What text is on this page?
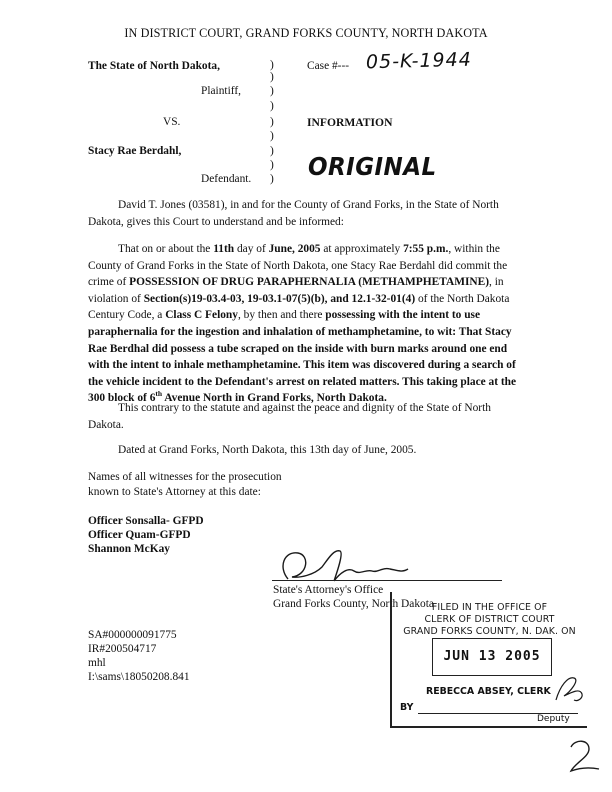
IN DISTRICT COURT, GRAND FORKS COUNTY, NORTH DAKOTA
The State of North Dakota,
Plaintiff,
VS.
Stacy Rae Berdahl,
Defendant.
)
)
)
)
)
)
)
)
)
Case #--- 05-K-1944
INFORMATION
ORIGINAL
David T. Jones (03581), in and for the County of Grand Forks, in the State of North Dakota, gives this Court to understand and be informed:
That on or about the 11th day of June, 2005 at approximately 7:55 p.m., within the County of Grand Forks in the State of North Dakota, one Stacy Rae Berdahl did commit the crime of POSSESSION OF DRUG PARAPHERNALIA (METHAMPHETAMINE), in violation of Section(s)19-03.4-03, 19-03.1-07(5)(b), and 12.1-32-01(4) of the North Dakota Century Code, a Class C Felony, by then and there possessing with the intent to use paraphernalia for the ingestion and inhalation of methamphetamine, to wit: That Stacy Rae Berdhal did possess a tube scraped on the inside with burn marks around one end with the intent to inhale methamphetamine. This item was discovered during a search of the vehicle incident to the Defendant's arrest on related matters. This taking place at the 300 block of 6th Avenue North in Grand Forks, North Dakota.
This contrary to the statute and against the peace and dignity of the State of North Dakota.
Dated at Grand Forks, North Dakota, this 13th day of June, 2005.
Names of all witnesses for the prosecution
known to State's Attorney at this date:
Officer Sonsalla- GFPD
Officer Quam-GFPD
Shannon McKay
State's Attorney's Office
Grand Forks County, North Dakota
SA#000000091775
IR#200504717
mhl
I:\sams\18050208.841
FILED IN THE OFFICE OF
CLERK OF DISTRICT COURT
GRAND FORKS COUNTY, N. DAK. ON
JUN 13 2005
REBECCA ABSEY, CLERK
BY
Deputy
